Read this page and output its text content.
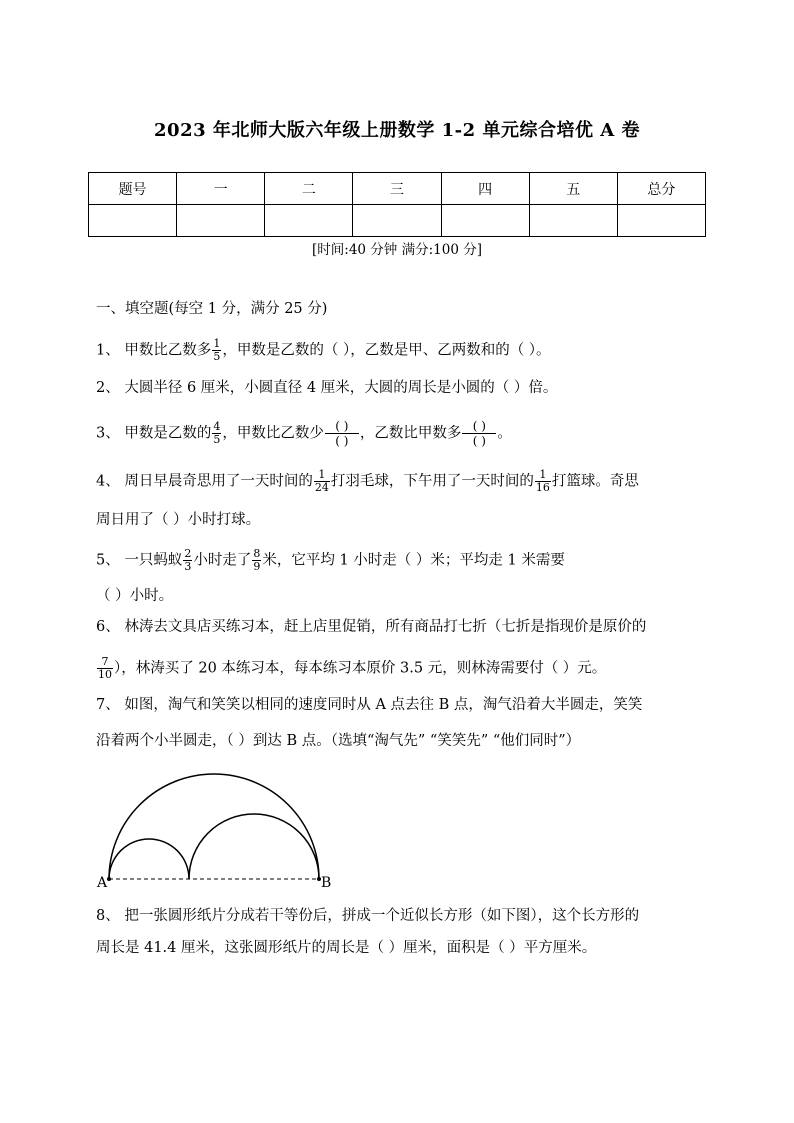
2023 年北师大版六年级上册数学 1-2 单元综合培优 A 卷
题号	一	二	三	四	五	总分

[时间:40 分钟 满分:100 分]
一、填空题(每空 1 分，满分 25 分)
1、 甲数比乙数多 $\frac{1}{5}$ ，甲数是乙数的（ ），乙数是甲、乙两数和的（ ）。
2、 大圆半径 6 厘米，小圆直径 4 厘米，大圆的周长是小圆的（ ）倍。
3、 甲数是乙数的 $\frac{4}{5}$ ，甲数比乙数少 ( )
( ) ，乙数比甲数多 ( )
( ) 。
4、 周日早晨奇思用了一天时间的 $\frac{1}{24}$ 打羽毛球，下午用了一天时间的 $\frac{1}{16}$ 打篮球。奇思
周日用了（ ）小时打球。
5、 一只蚂蚁 $\frac{2}{3}$ 小时走了 $\frac{8}{9}$ 米，它平均 1 小时走（ ）米；平均走 1 米需要
（ ）小时。
6、 林涛去文具店买练习本，赶上店里促销，所有商品打七折（七折是指现价是原价的
$\frac{7}{10}$ ），林涛买了 20 本练习本，每本练习本原价 3.5 元，则林涛需要付（ ）元。
7、 如图，淘气和笑笑以相同的速度同时从 A 点去往 B 点，淘气沿着大半圆走，笑笑
沿着两个小半圆走，（ ）到达 B 点。（选填“淘气先” “笑笑先” “他们同时”）
A	B
8、 把一张圆形纸片分成若干等份后，拼成一个近似长方形（如下图），这个长方形的
周长是 41.4 厘米，这张圆形纸片的周长是（ ）厘米，面积是（ ）平方厘米。
